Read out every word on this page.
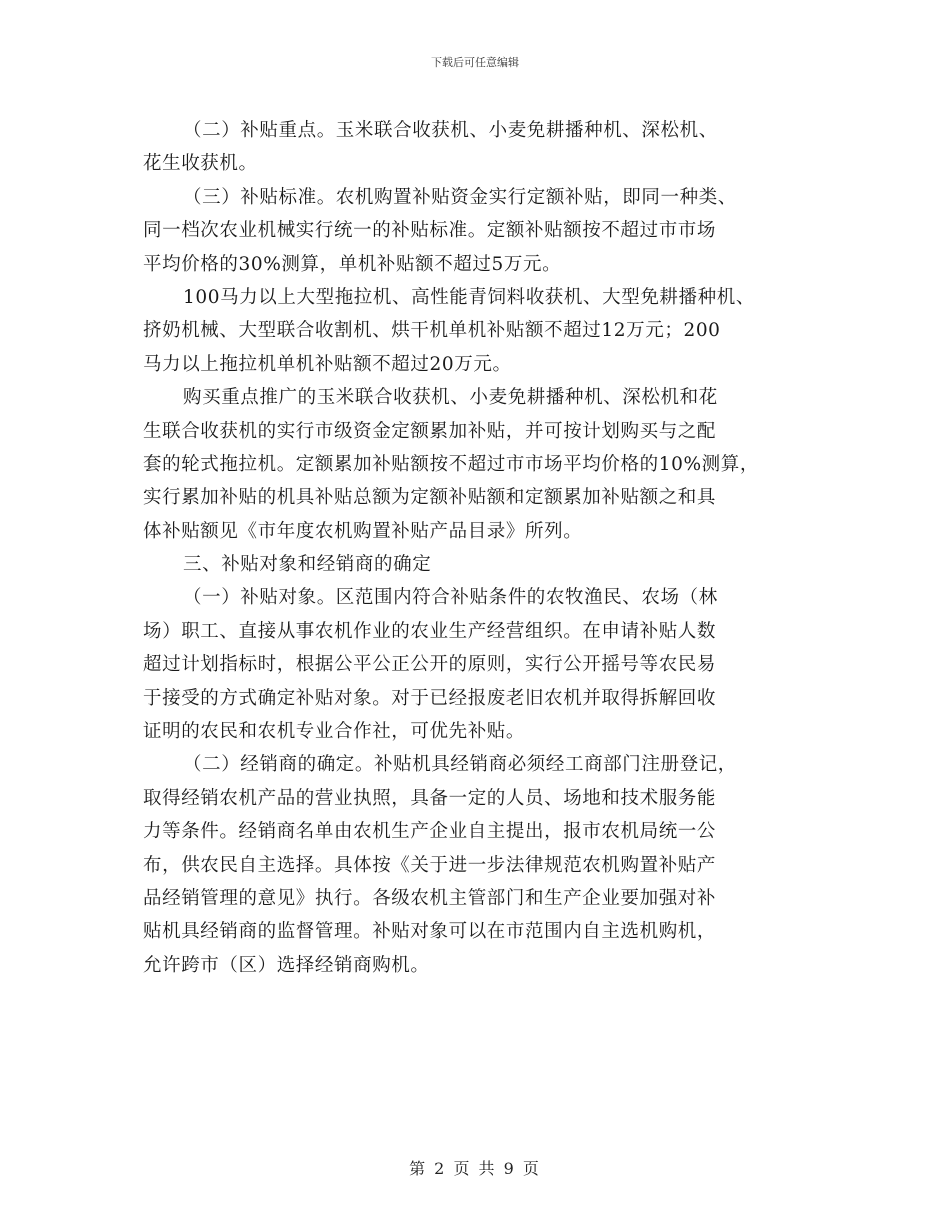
下载后可任意编辑
（二）补贴重点。玉米联合收获机、小麦免耕播种机、深松机、
花生收获机。
（三）补贴标准。农机购置补贴资金实行定额补贴，即同一种类、
同一档次农业机械实行统一的补贴标准。定额补贴额按不超过市市场
平均价格的30%测算，单机补贴额不超过5万元。
100马力以上大型拖拉机、高性能青饲料收获机、大型免耕播种机、
挤奶机械、大型联合收割机、烘干机单机补贴额不超过12万元；200
马力以上拖拉机单机补贴额不超过20万元。
购买重点推广的玉米联合收获机、小麦免耕播种机、深松机和花
生联合收获机的实行市级资金定额累加补贴，并可按计划购买与之配
套的轮式拖拉机。定额累加补贴额按不超过市市场平均价格的10%测算，
实行累加补贴的机具补贴总额为定额补贴额和定额累加补贴额之和具
体补贴额见《市年度农机购置补贴产品目录》所列。
三、补贴对象和经销商的确定
（一）补贴对象。区范围内符合补贴条件的农牧渔民、农场（林
场）职工、直接从事农机作业的农业生产经营组织。在申请补贴人数
超过计划指标时，根据公平公正公开的原则，实行公开摇号等农民易
于接受的方式确定补贴对象。对于已经报废老旧农机并取得拆解回收
证明的农民和农机专业合作社，可优先补贴。
（二）经销商的确定。补贴机具经销商必须经工商部门注册登记，
取得经销农机产品的营业执照，具备一定的人员、场地和技术服务能
力等条件。经销商名单由农机生产企业自主提出，报市农机局统一公
布，供农民自主选择。具体按《关于进一步法律规范农机购置补贴产
品经销管理的意见》执行。各级农机主管部门和生产企业要加强对补
贴机具经销商的监督管理。补贴对象可以在市范围内自主选机购机，
允许跨市（区）选择经销商购机。
第 2 页 共 9 页
